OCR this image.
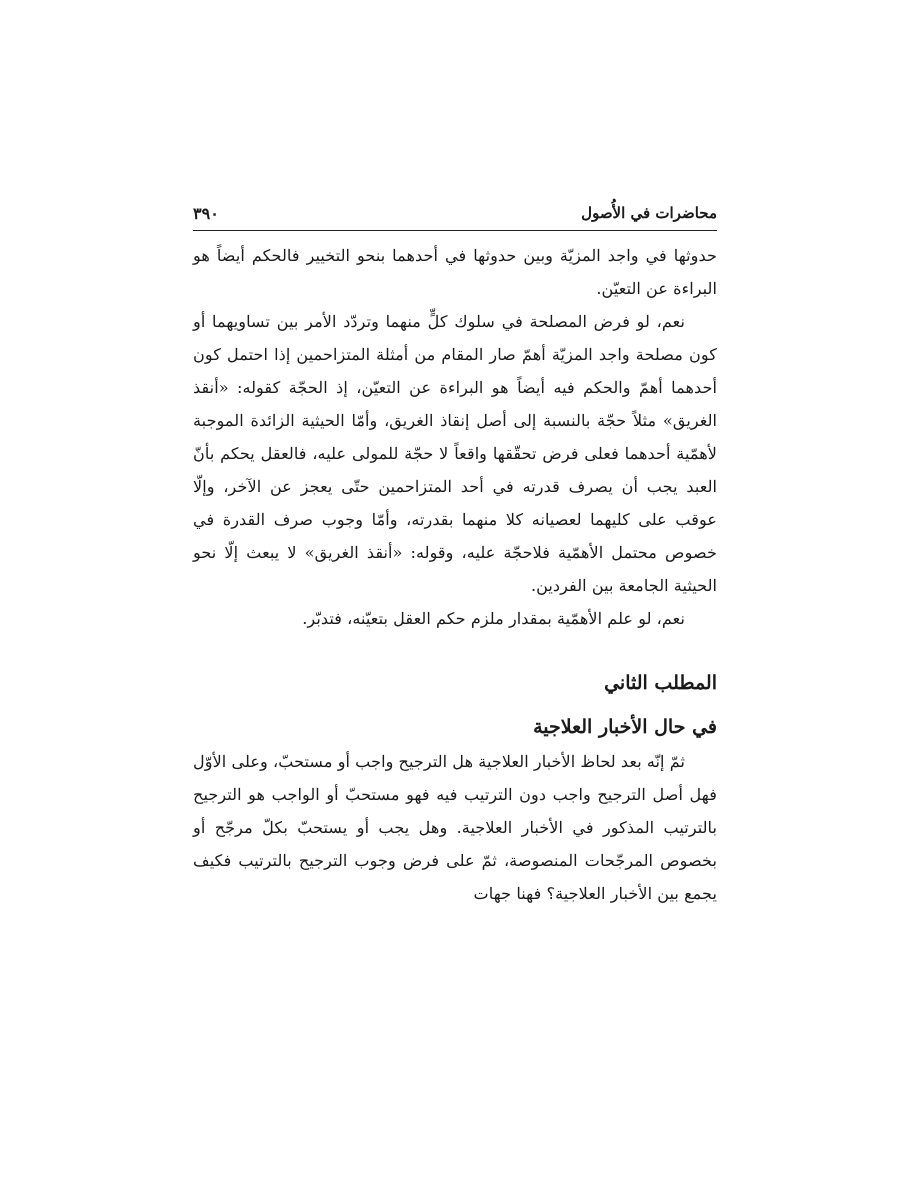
محاضرات في الأُصول
٣٩٠

حدوثها في واجد المزيّة وبين حدوثها في أحدهما بنحو التخيير فالحكم أيضاً هو البراءة عن التعيّن.

نعم، لو فرض المصلحة في سلوك كلٍّ منهما وتردّد الأمر بين تساويهما أو كون مصلحة واجد المزيّة أهمّ صار المقام من أمثلة المتزاحمين إذا احتمل كون أحدهما أهمّ والحكم فيه أيضاً هو البراءة عن التعيّن، إذ الحجّة كقوله: «أنقذ الغريق» مثلاً حجّة بالنسبة إلى أصل إنقاذ الغريق، وأمّا الحيثية الزائدة الموجبة لأهمّية أحدهما فعلى فرض تحقّقها واقعاً لا حجّة للمولى عليه، فالعقل يحكم بأنّ العبد يجب أن يصرف قدرته في أحد المتزاحمين حتّى يعجز عن الآخر، وإلّا عوقب على كليهما لعصيانه كلا منهما بقدرته، وأمّا وجوب صرف القدرة في خصوص محتمل الأهمّية فلاحجّة عليه، وقوله: «أنقذ الغريق» لا يبعث إلّا نحو الحيثية الجامعة بين الفردين.

نعم، لو علم الأهمّية بمقدار ملزم حكم العقل بتعيّنه، فتدبّر.

المطلب الثاني
في حال الأخبار العلاجية

ثمّ إنّه بعد لحاظ الأخبار العلاجية هل الترجيح واجب أو مستحبّ، وعلى الأوّل فهل أصل الترجيح واجب دون الترتيب فيه فهو مستحبّ أو الواجب هو الترجيح بالترتيب المذكور في الأخبار العلاجية. وهل يجب أو يستحبّ بكلّ مرجّح أو بخصوص المرجّحات المنصوصة، ثمّ على فرض وجوب الترجيح بالترتيب فكيف يجمع بين الأخبار العلاجية؟ فهنا جهات
